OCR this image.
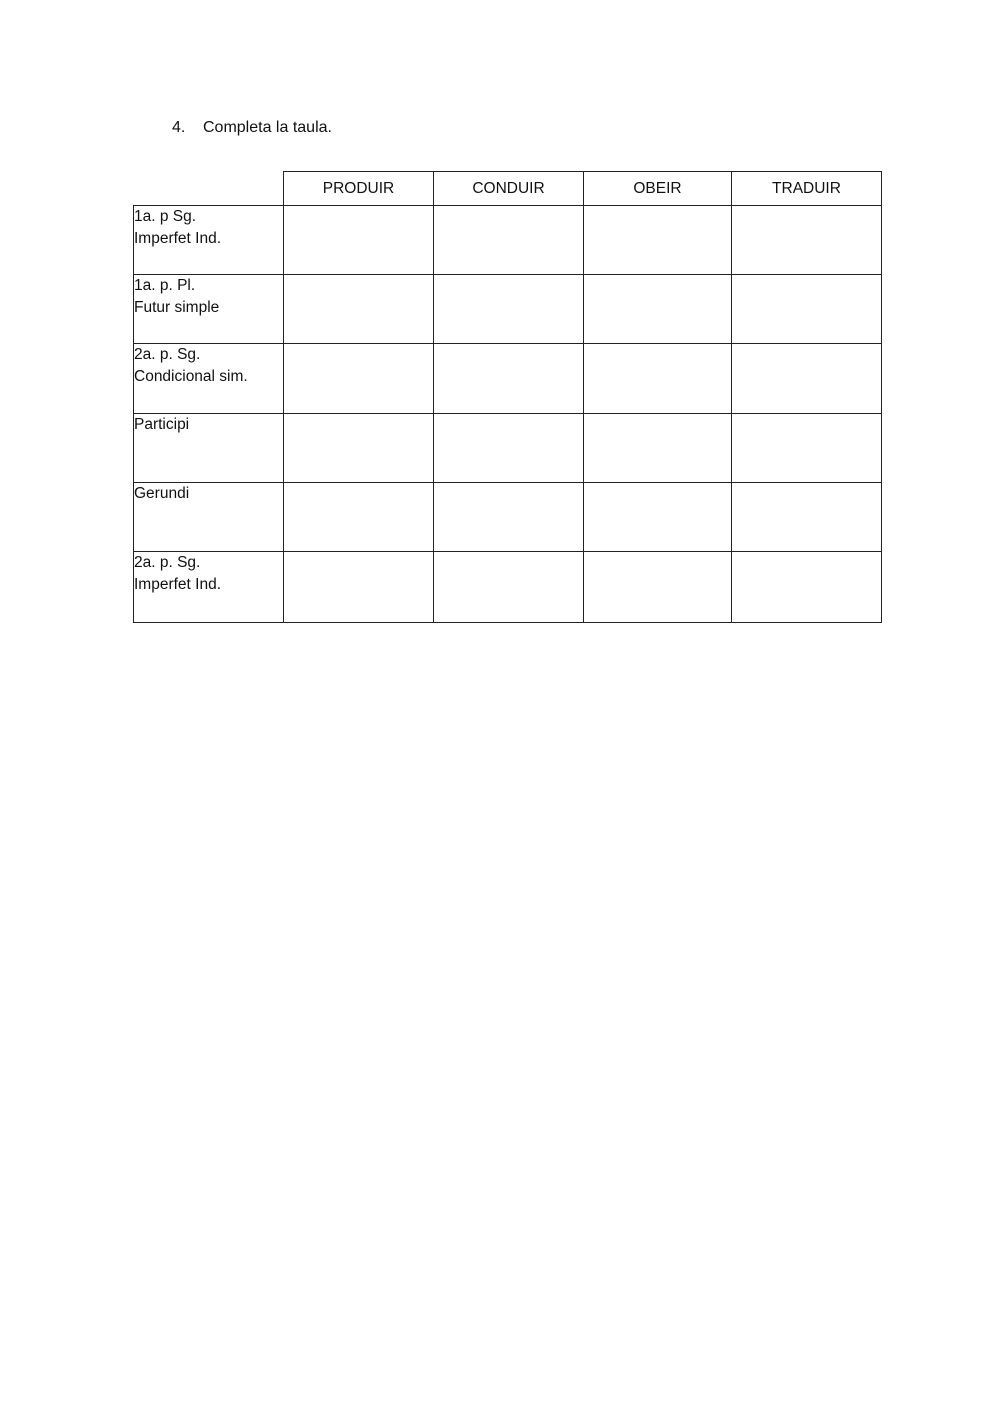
4.	Completa la taula.
	PRODUIR	CONDUIR	OBEIR	TRADUIR

1a. p Sg.
Imperfet Ind.				

1a. p. Pl.
Futur simple				

2a. p. Sg.
Condicional sim.				

Participi				

Gerundi				

2a. p. Sg.
Imperfet Ind.				
